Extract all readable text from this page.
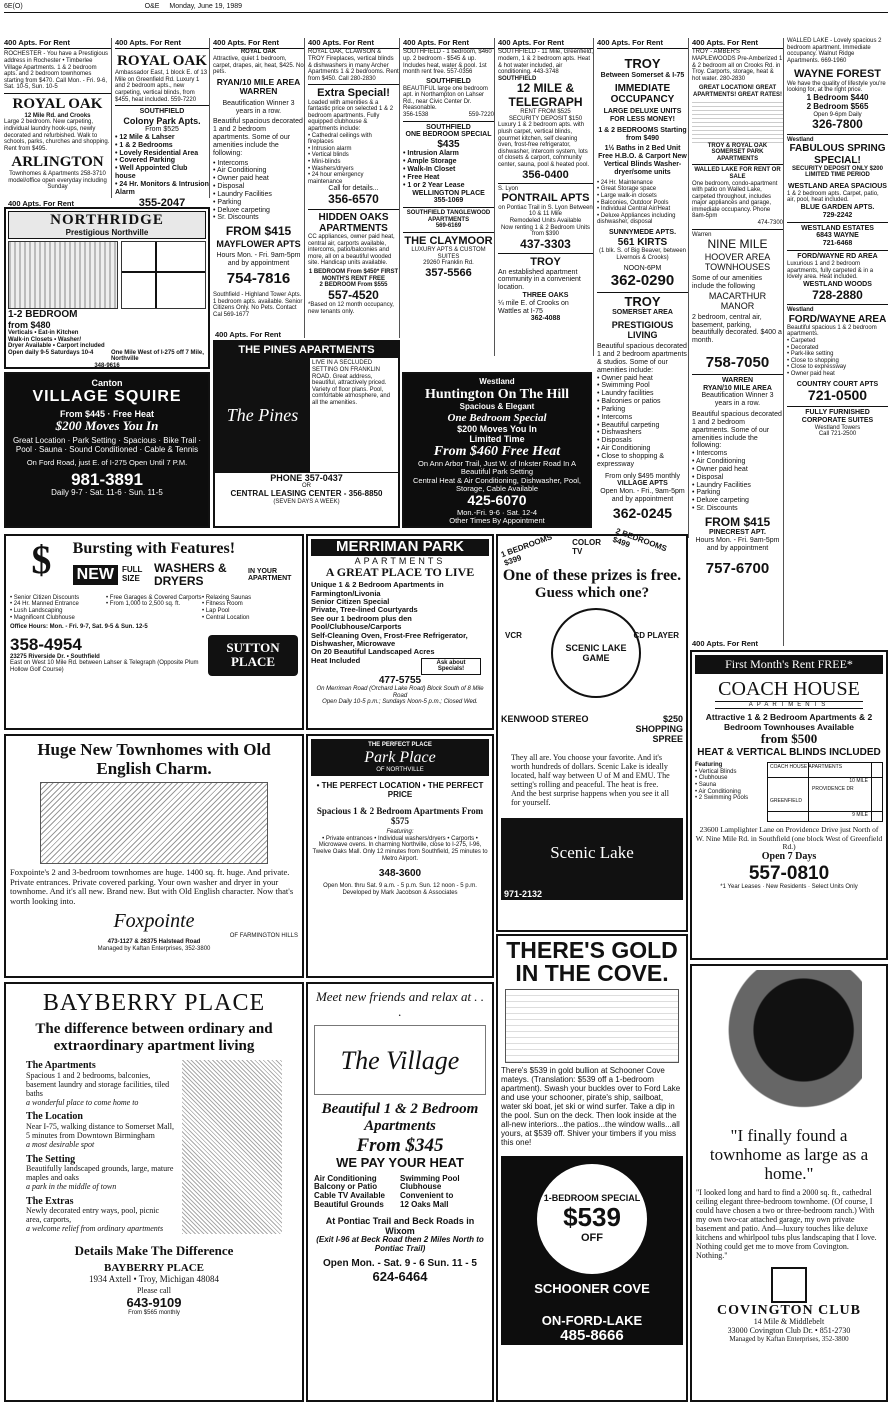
6E(O)	O&E Monday, June 19, 1989
400 Apts. For Rent
ROCHESTER - You have a Prestigious address in Rochester • Timberlee Village Apartments. 1 & 2 bedroom apts. and 2 bedroom townhomes starting from $470. Call Mon. - Fri. 9-6, Sat. 10-5, Sun. 10-5
ROYAL OAK
12 Mile Rd. and Crooks
Large 2 bedroom. New carpeting, individual laundry hook-ups, newly decorated and refurbished. Walk to schools, parks, churches and shopping. Rent from $495.
ARLINGTON
Townhomes & Apartments 258-3710 model/office open everyday including Sunday
400 Apts. For Rent
NORTHRIDGE
Prestigious Northville
1-2 BEDROOM
from $480
Verticals • Eat-in Kitchen
Walk-in Closets • Washer/
Dryer Available • Carport included
Open daily 9-5 Saturdays 10-4	One Mile West of I-275 off 7 Mile, Northville
348-9616
400 Apts. For Rent
ROYAL OAK
Ambassador East, 1 block E. of 13 Mile on Greenfield Rd. Luxury 1 and 2 bedroom apts., new carpeting, vertical blinds, from $455, heat included. 559-7220
SOUTHFIELD
Colony Park Apts.
From $525
• 12 Mile & Lahser
• 1 & 2 Bedrooms
• Lovely Residential Area
• Covered Parking
• Well Appointed Club house
• 24 Hr. Monitors & Intrusion Alarm
355-2047
400 Apts. For Rent
ROYAL OAK
Attractive, quiet 1 bedroom, carpet, drapes, air, heat, $425. No pets.
RYAN/10 MILE AREA
WARREN
Beautification Winner 3 years in a row.
Beautiful spacious decorated 1 and 2 bedroom apartments. Some of our amenities include the following:
• Intercoms
• Air Conditioning
• Owner paid heat
• Disposal
• Laundry Facilities
• Parking
• Deluxe carpeting
• Sr. Discounts
FROM $415
MAYFLOWER APTS
Hours Mon. - Fri. 9am-5pm and by appointment
754-7816
Southfield - Highland Tower Apts. 1 bedroom apts. available. Senior Citizens Only. No Pets. Contact Cal 569-1677
400 Apts. For Rent
ROYAL OAK, CLAWSON & TROY Fireplaces, vertical blinds & dishwashers in many Archer Apartments 1 & 2 bedrooms. Rent from $450. Call 280-2830
Extra Special!
Loaded with amenities & a fantastic price on selected 1 & 2 bedroom apartments. Fully equipped clubhouse & apartments include:
• Cathedral ceilings with fireplaces
• Intrusion alarm
• Vertical blinds
• Mini-blinds
• Washers/dryers
• 24 hour emergency maintenance
Call for details...
356-6570
HIDDEN OAKS APARTMENTS
CC appliances, owner paid heat, central air, carports available, intercoms, patio/balconies and more, all on a beautiful wooded site. Handicap units available.
1 BEDROOM From $450* FIRST MONTH'S RENT FREE
2 BEDROOM From $555
557-4520
*Based on 12 month occupancy, new tenants only.
400 Apts. For Rent
SOUTHFIELD - 1 bedroom, $460 up. 2 bedroom - $545 & up. Includes heat, water & pool. 1st month rent free. 557-0356
SOUTHFIELD
BEAUTIFUL large one bedroom apt. in Northampton on Lahser Rd., near Civic Center Dr. Reasonable.
356-1538	559-7220
SOUTHFIELD
ONE BEDROOM SPECIAL
$435
• Intrusion Alarm
• Ample Storage
• Walk-In Closet
• Free Heat
• 1 or 2 Year Lease
WELLINGTON PLACE
355-1069
SOUTHFIELD TANGLEWOOD APARTMENTS
569-6169
THE CLAYMOOR
LUXURY APTS & CUSTOM SUITES
29260 Franklin Rd.
357-5566
400 Apts. For Rent
SOUTHFIELD - 11 Mile, Greenfield, modern, 1 & 2 bedroom apts. Heat & hot water included, air conditioning. 443-3748
SOUTHFIELD
12 MILE &
TELEGRAPH
RENT FROM $525
SECURITY DEPOSIT $150
Luxury 1 & 2 bedroom apts. with plush carpet, vertical blinds, gourmet kitchen, self cleaning oven, frost-free refrigerator, dishwasher, intercom system, lots of closets & carport, community center, sauna, pool & heated pool.
356-0400
S. Lyon
PONTRAIL APTS
on Pontiac Trail in S. Lyon Between 10 & 11 Mile
Remodeled Units Available
Now renting 1 & 2 Bedroom Units from $390
437-3303
TROY
An established apartment community in a convenient location.
THREE OAKS
¼ mile E. of Crooks on Wattles at I-75
362-4088
400 Apts. For Rent
TROY
Between Somerset & I-75
IMMEDIATE OCCUPANCY
LARGE DELUXE UNITS FOR LESS MONEY!
1 & 2 BEDROOMS Starting from $490
1½ Baths in 2 Bed Unit Free H.B.O. & Carport New Vertical Blinds Washer-dryer/some units
• 24 Hr. Maintenance
• Great Storage space
• Large walk-in closets
• Balconies, Outdoor Pools
• Individual Central Air/Heat
• Deluxe Appliances including dishwasher, disposal
SUNNYMEDE APTS.
561 KIRTS
(1 blk. S. of Big Beaver, between Livernois & Crooks)
NOON-6PM
362-0290
TROY
SOMERSET AREA
PRESTIGIOUS LIVING
Beautiful spacious decorated 1 and 2 bedroom apartments & studios. Some of our amenities include:
• Owner paid heat
• Swimming Pool
• Laundry facilities
• Balconies or patios
• Parking
• Intercoms
• Beautiful carpeting
• Dishwashers
• Disposals
• Air Conditioning
• Close to shopping & expressway
From only $495 monthly
VILLAGE APTS
Open Mon. - Fri., 9am-5pm and by appointment
362-0245
400 Apts. For Rent
TROY - AMBER'S MAPLEWOODS Pre-Amberized 1 & 2 bedroom all on Crooks Rd. in Troy. Carports, storage, heat & hot water. 280-2830
GREAT LOCATION! GREAT APARTMENTS! GREAT RATES!
TROY & ROYAL OAK
SOMERSET PARK APARTMENTS
WALLED LAKE FOR RENT OR SALE
One bedroom, condo-apartment with patio on Walled Lake, carpeted throughout, includes major appliances and garage, immediate occupancy. Phone 8am-5pm
474-7300
Warren
NINE MILE
HOOVER AREA
TOWNHOUSES
Some of our amenities include the following
MACARTHUR MANOR
2 bedroom, central air, basement, parking, beautifully decorated. $400 a month.
758-7050
WARREN
RYAN/10 MILE AREA
Beautification Winner 3 years in a row.
Beautiful spacious decorated 1 and 2 bedroom apartments. Some of our amenities include the following:
• Intercoms
• Air Conditioning
• Owner paid heat
• Disposal
• Laundry Facilities
• Parking
• Deluxe carpeting
• Sr. Discounts
FROM $415
PINECREST APT.
Hours Mon. - Fri. 9am-5pm and by appointment
757-6700
WALLED LAKE - Lovely spacious 2 bedroom apartment. Immediate occupancy. Walnut Ridge Apartments. 669-1960
WAYNE FOREST
We have the quality of lifestyle you're looking for, at the right price.
1 Bedroom $440
2 Bedroom $565
Open 9-6pm Daily
326-7800
Westland
FABULOUS SPRING SPECIAL!
SECURITY DEPOSIT ONLY $200
LIMITED TIME PERIOD
WESTLAND AREA SPACIOUS
1 & 2 bedroom apts. Carpet, patio, air, pool, heat included.
BLUE GARDEN APTS.
729-2242
WESTLAND ESTATES
6843 WAYNE
721-6468
FORD/WAYNE RD AREA
Luxurious 1 and 2 bedroom apartments, fully carpeted & in a lovely area. Heat included.
WESTLAND WOODS
728-2880
Westland
FORD/WAYNE AREA
Beautiful spacious 1 & 2 bedroom apartments.
• Carpeted
• Decorated
• Park-like setting
• Close to shopping
• Close to expressway
• Owner paid heat
COUNTRY COURT APTS
721-0500
FULLY FURNISHED CORPORATE SUITES
Westland Towers
Call 721-2500
Canton
VILLAGE SQUIRE
From $445 · Free Heat
$200 Moves You In
Great Location · Park Setting · Spacious · Bike Trail · Pool · Sauna · Sound Conditioned · Cable & Tennis
On Ford Road, just E. of I-275 Open Until 7 P.M.
981-3891
Daily 9-7 · Sat. 11-6 · Sun. 11-5
400 Apts. For Rent
THE PINES APARTMENTS
The Pines
LIVE IN A SECLUDED SETTING ON FRANKLIN ROAD. Great address, beautiful, attractively priced. Variety of floor plans. Pool, comfortable atmosphere, and all the amenities.
PHONE 357-0437
OR
CENTRAL LEASING CENTER - 356-8850
(SEVEN DAYS A WEEK)
Westland
Huntington On The Hill
Spacious & Elegant
One Bedroom Special
$200 Moves You In
Limited Time
From $460 Free Heat
On Ann Arbor Trail, Just W. of Inkster Road In A Beautiful Park Setting
Central Heat & Air Conditioning, Dishwasher, Pool, Storage, Cable Available
425-6070
Mon.-Fri. 9-6 · Sat. 12-4
Other Times By Appointment
$	Bursting with Features!
NEW	FULL SIZE
WASHERS & DRYERS
IN YOUR APARTMENT
• Senior Citizen Discounts
• 24 Hr. Manned Entrance
• Lush Landscaping
• Magnificent Clubhouse
• Free Garages & Covered Carports
• From 1,000 to 2,500 sq. ft.
• Relaxing Saunas
• Fitness Room
• Lap Pool
• Central Location
Office Hours: Mon. - Fri. 9-7, Sat. 9-5 & Sun. 12-5
358-4954
23275 Riverside Dr. • Southfield
East on West 10 Mile Rd. between Lahser & Telegraph (Opposite Plum Hollow Golf Course)
SUTTON PLACE
MERRIMAN PARK
APARTMENTS
A GREAT PLACE TO LIVE
Unique 1 & 2 Bedroom Apartments in Farmington/Livonia
Senior Citizen Special
Private, Tree-lined Courtyards
See our 1 bedroom plus den
Pool/Clubhouse/Carports
Self-Cleaning Oven, Frost-Free Refrigerator, Dishwasher, Microwave
On 20 Beautiful Landscaped Acres
Heat Included	Ask about Specials!
477-5755
On Merriman Road (Orchard Lake Road) Block South of 8 Mile Road
Open Daily 10-5 p.m.; Sundays Noon-5 p.m.; Closed Wed.
1 BEDROOMS $399
COLOR TV	2 BEDROOMS $499
One of these prizes is free.
Guess which one?
SCENIC LAKE GAME
VCR	CD PLAYER
KENWOOD STEREO	$250 SHOPPING SPREE
They all are. You choose your favorite. And it's worth hundreds of dollars. Scenic Lake is ideally located, half way between U of M and EMU. The setting's rolling and peaceful. The heat is free. And the best surprise happens when you see it all for yourself.
Scenic Lake
971-2132
400 Apts. For Rent
First Month's Rent FREE*
COACH HOUSE
APARTMENTS
Attractive 1 & 2 Bedroom Apartments & 2 Bedroom Townhouses Available
from $500
HEAT & VERTICAL BLINDS INCLUDED
Featuring
• Vertical Blinds
• Clubhouse
• Sauna
• Air Conditioning
• 2 Swimming Pools
COACH HOUSE APARTMENTS
PROVIDENCE DR
9 MILE
10 MILE
GREENFIELD
23600 Lamplighter Lane on Providence Drive just North of W. Nine Mile Rd. in Southfield (one block West of Greenfield Rd.)
Open 7 Days
557-0810
*1 Year Leases · New Residents · Select Units Only
Huge New Townhomes with Old English Charm.
Foxpointe's 2 and 3-bedroom townhomes are huge. 1400 sq. ft. huge. And private. Private entrances. Private covered parking. Your own washer and dryer in your townhome. And it's all new. Brand new. But with Old English character. Now that's worth looking into.
Foxpointe
OF FARMINGTON HILLS
473-1127 & 26375 Halstead Road
Managed by Kaftan Enterprises, 352-3800
THE PERFECT PLACE
Park Place
OF NORTHVILLE
• THE PERFECT LOCATION • THE PERFECT PRICE
Spacious 1 & 2 Bedroom Apartments From $575
Featuring:
• Private entrances • Individual washers/dryers • Carports • Microwave ovens. In charming Northville, close to I-275, I-96, Twelve Oaks Mall. Only 12 minutes from Southfield, 25 minutes to Metro Airport.
348-3600
Open Mon. thru Sat. 9 a.m. - 5 p.m. Sun. 12 noon - 5 p.m.
Developed by Mark Jacobson & Associates
BAYBERRY PLACE
The difference between ordinary and extraordinary apartment living
The Apartments
Spacious 1 and 2 bedrooms, balconies, basement laundry and storage facilities, tiled baths
a wonderful place to come home to
The Location
Near I-75, walking distance to Somerset Mall, 5 minutes from Downtown Birmingham
a most desirable spot
The Setting
Beautifully landscaped grounds, large, mature maples and oaks
a park in the middle of town
The Extras
Newly decorated entry ways, pool, picnic area, carports,
a welcome relief from ordinary apartments
Details Make The Difference
BAYBERRY PLACE
1934 Axtell • Troy, Michigan 48084
Please call
643-9109
From $565 monthly
Meet new friends and relax at . . .
The Village
Beautiful 1 & 2 Bedroom Apartments
From $345
WE PAY YOUR HEAT
Air Conditioning	Swimming Pool
Balcony or Patio	Clubhouse
Cable TV Available	Convenient to
Beautiful Grounds	12 Oaks Mall
At Pontiac Trail and Beck Roads in Wixom
(Exit I-96 at Beck Road then 2 Miles North to Pontiac Trail)
Open Mon. - Sat. 9 - 6 Sun. 11 - 5
624-6464
THERE'S GOLD IN THE COVE.
There's $539 in gold bullion at Schooner Cove mateys. (Translation: $539 off a 1-bedroom apartment). Swash your buckles over to Ford Lake and use your schooner, pirate's ship, sailboat, water ski boat, jet ski or wind surfer. Take a dip in the pool. Sun on the deck. Then look inside at the all-new interiors...the patios...the window walls...all yours, at $539 off. Shiver your timbers if you miss this one!
1-BEDROOM SPECIAL
$539
OFF
SCHOONER COVE
ON-FORD-LAKE
485-8666
"I finally found a townhome as large as a home."
"I looked long and hard to find a 2000 sq. ft., cathedral ceiling elegant three-bedroom townhome. (Of course, I could have chosen a two or three-bedroom ranch.) With my own two-car attached garage, my own private basement and patio. And—luxury touches like deluxe kitchens and whirlpool tubs plus landscaping that I love. Nothing could get me to move from Covington. Nothing."
COVINGTON CLUB
14 Mile & Middlebelt
33000 Covington Club Dr. • 851-2730
Managed by Kaftan Enterprises, 352-3800
